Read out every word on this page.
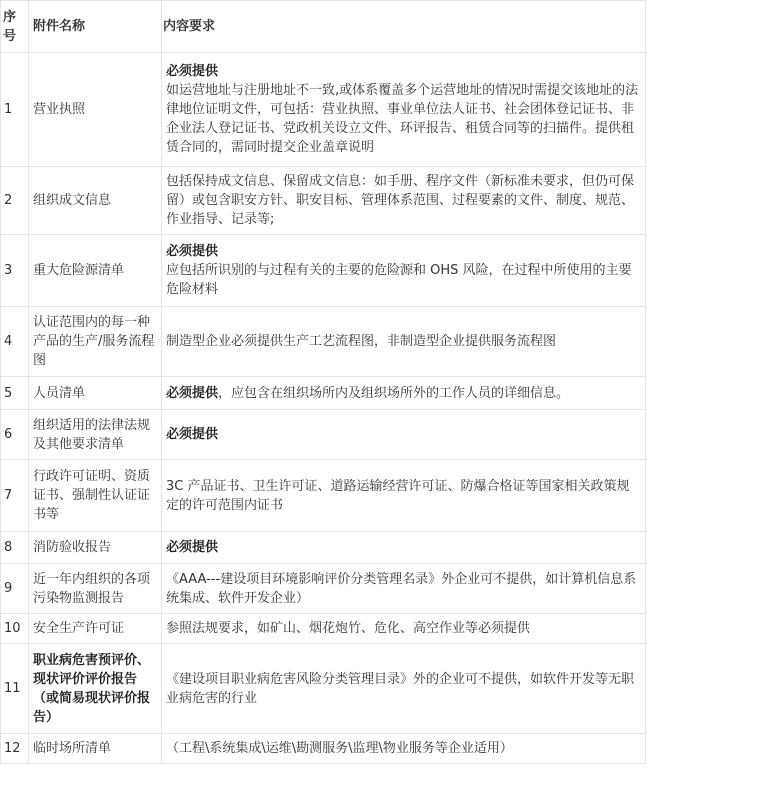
序号	附件名称	内容要求
1	营业执照	必须提供
如运营地址与注册地址不一致,或体系覆盖多个运营地址的情况时需提交该地址的法律地位证明文件，可包括：营业执照、事业单位法人证书、社会团体登记证书、非企业法人登记证书、党政机关设立文件、环评报告、租赁合同等的扫描件。提供租赁合同的，需同时提交企业盖章说明
2	组织成文信息	包括保持成文信息、保留成文信息：如手册、程序文件（新标准未要求，但仍可保留）或包含职安方针、职安目标、管理体系范围、过程要素的文件、制度、规范、作业指导、记录等;
3	重大危险源清单	必须提供
应包括所识别的与过程有关的主要的危险源和 OHS 风险，在过程中所使用的主要危险材料
4	认证范围内的每一种产品的生产/服务流程图	制造型企业必须提供生产工艺流程图，非制造型企业提供服务流程图
5	人员清单	必须提供，应包含在组织场所内及组织场所外的工作人员的详细信息。
6	组织适用的法律法规及其他要求清单	必须提供
7	行政许可证明、资质证书、强制性认证证书等	3C 产品证书、卫生许可证、道路运输经营许可证、防爆合格证等国家相关政策规定的许可范围内证书
8	消防验收报告	必须提供
9	近一年内组织的各项污染物监测报告	《AAA---建设项目环境影响评价分类管理名录》外企业可不提供，如计算机信息系统集成、软件开发企业）
10	安全生产许可证	参照法规要求，如矿山、烟花炮竹、危化、高空作业等必须提供
11	职业病危害预评价、现状评价评价报告（或简易现状评价报告）	《建设项目职业病危害风险分类管理目录》外的企业可不提供，如软件开发等无职业病危害的行业
12	临时场所清单	（工程\系统集成\运维\勘测服务\监理\物业服务等企业适用）
